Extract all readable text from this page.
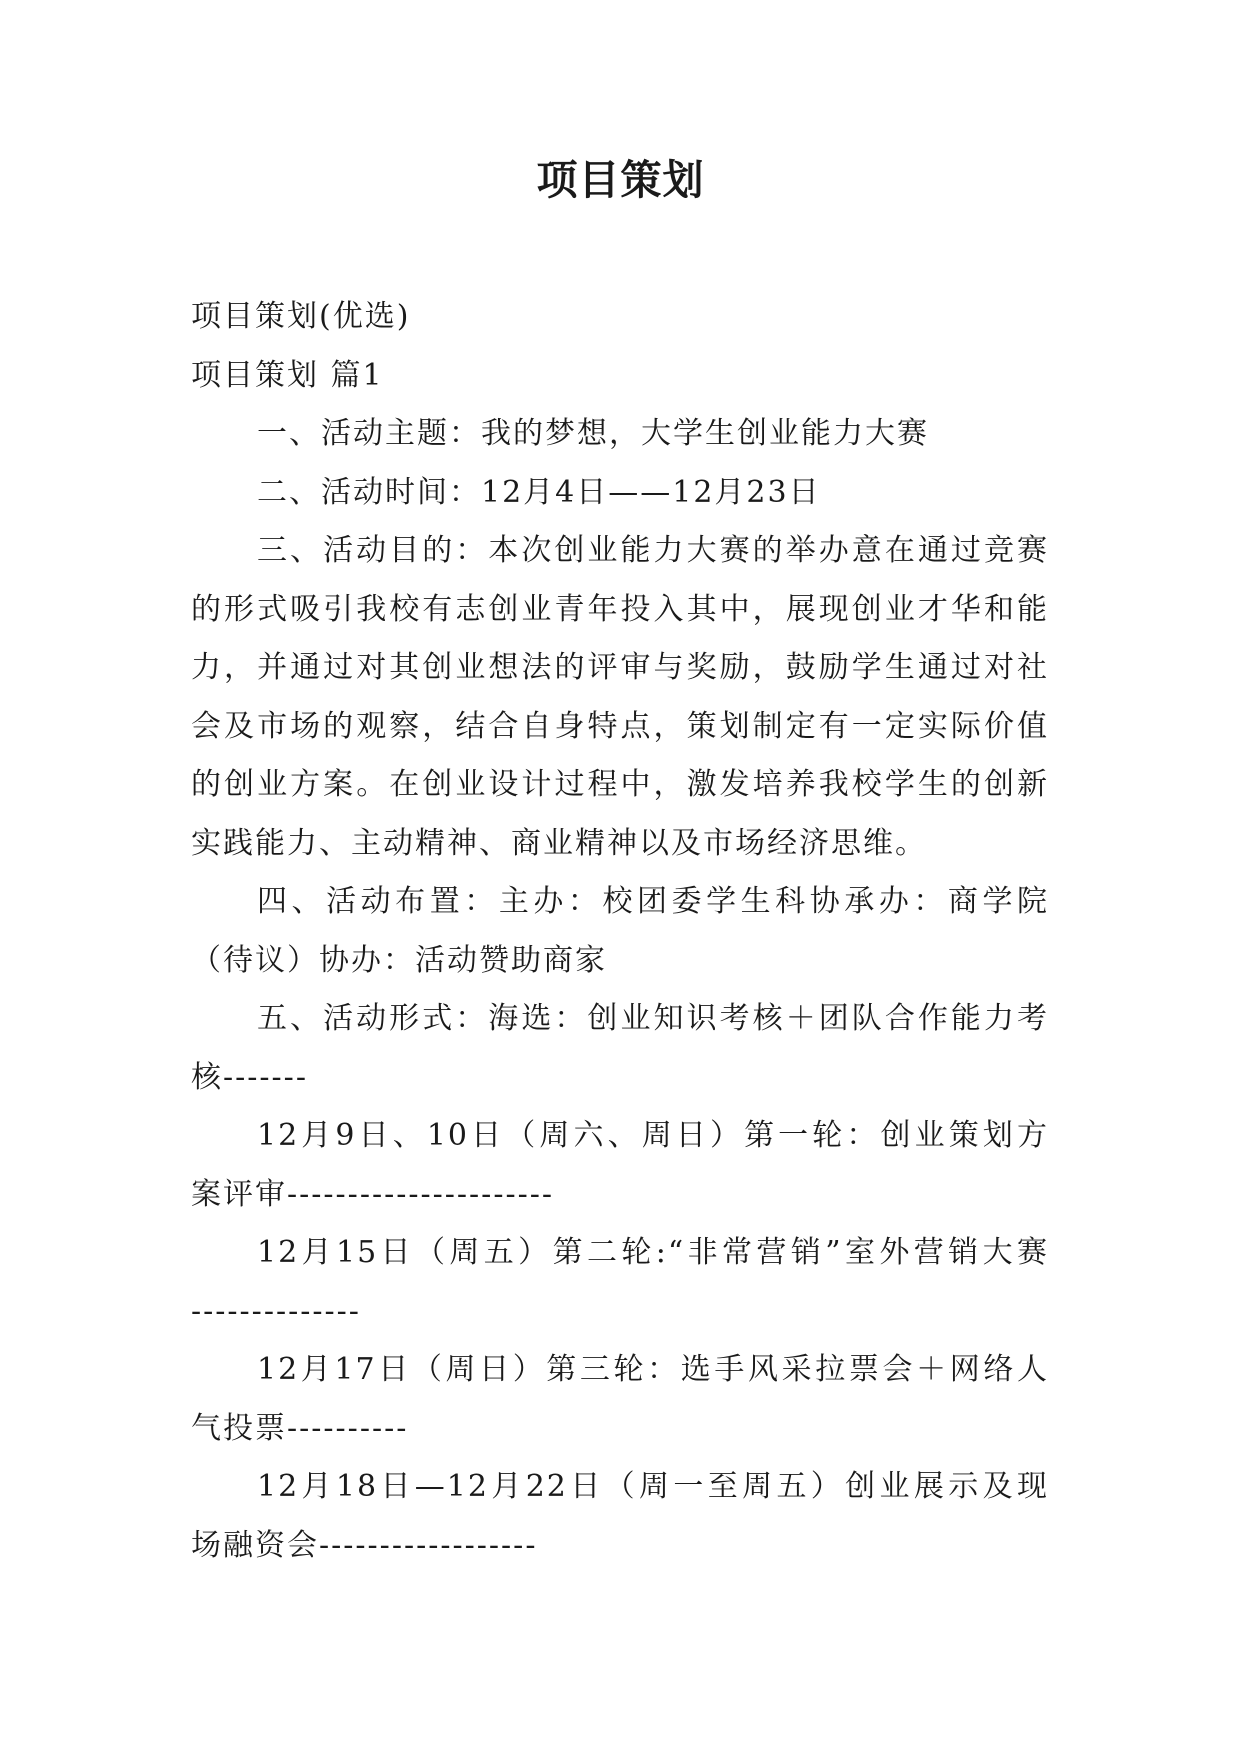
项目策划

项目策划(优选)

项目策划 篇1

一、活动主题：我的梦想，大学生创业能力大赛

二、活动时间：12月4日——12月23日

三、活动目的：本次创业能力大赛的举办意在通过竞赛

的形式吸引我校有志创业青年投入其中，展现创业才华和能

力，并通过对其创业想法的评审与奖励，鼓励学生通过对社

会及市场的观察，结合自身特点，策划制定有一定实际价值

的创业方案。在创业设计过程中，激发培养我校学生的创新

实践能力、主动精神、商业精神以及市场经济思维。

四、活动布置：主办：校团委学生科协承办：商学院

（待议）协办：活动赞助商家

五、活动形式：海选：创业知识考核＋团队合作能力考

核-------

12月9日、10日（周六、周日）第一轮：创业策划方

案评审----------------------

12月15日（周五）第二轮:“非常营销”室外营销大赛

--------------

12月17日（周日）第三轮：选手风采拉票会＋网络人

气投票----------

12月18日—12月22日（周一至周五）创业展示及现

场融资会------------------
